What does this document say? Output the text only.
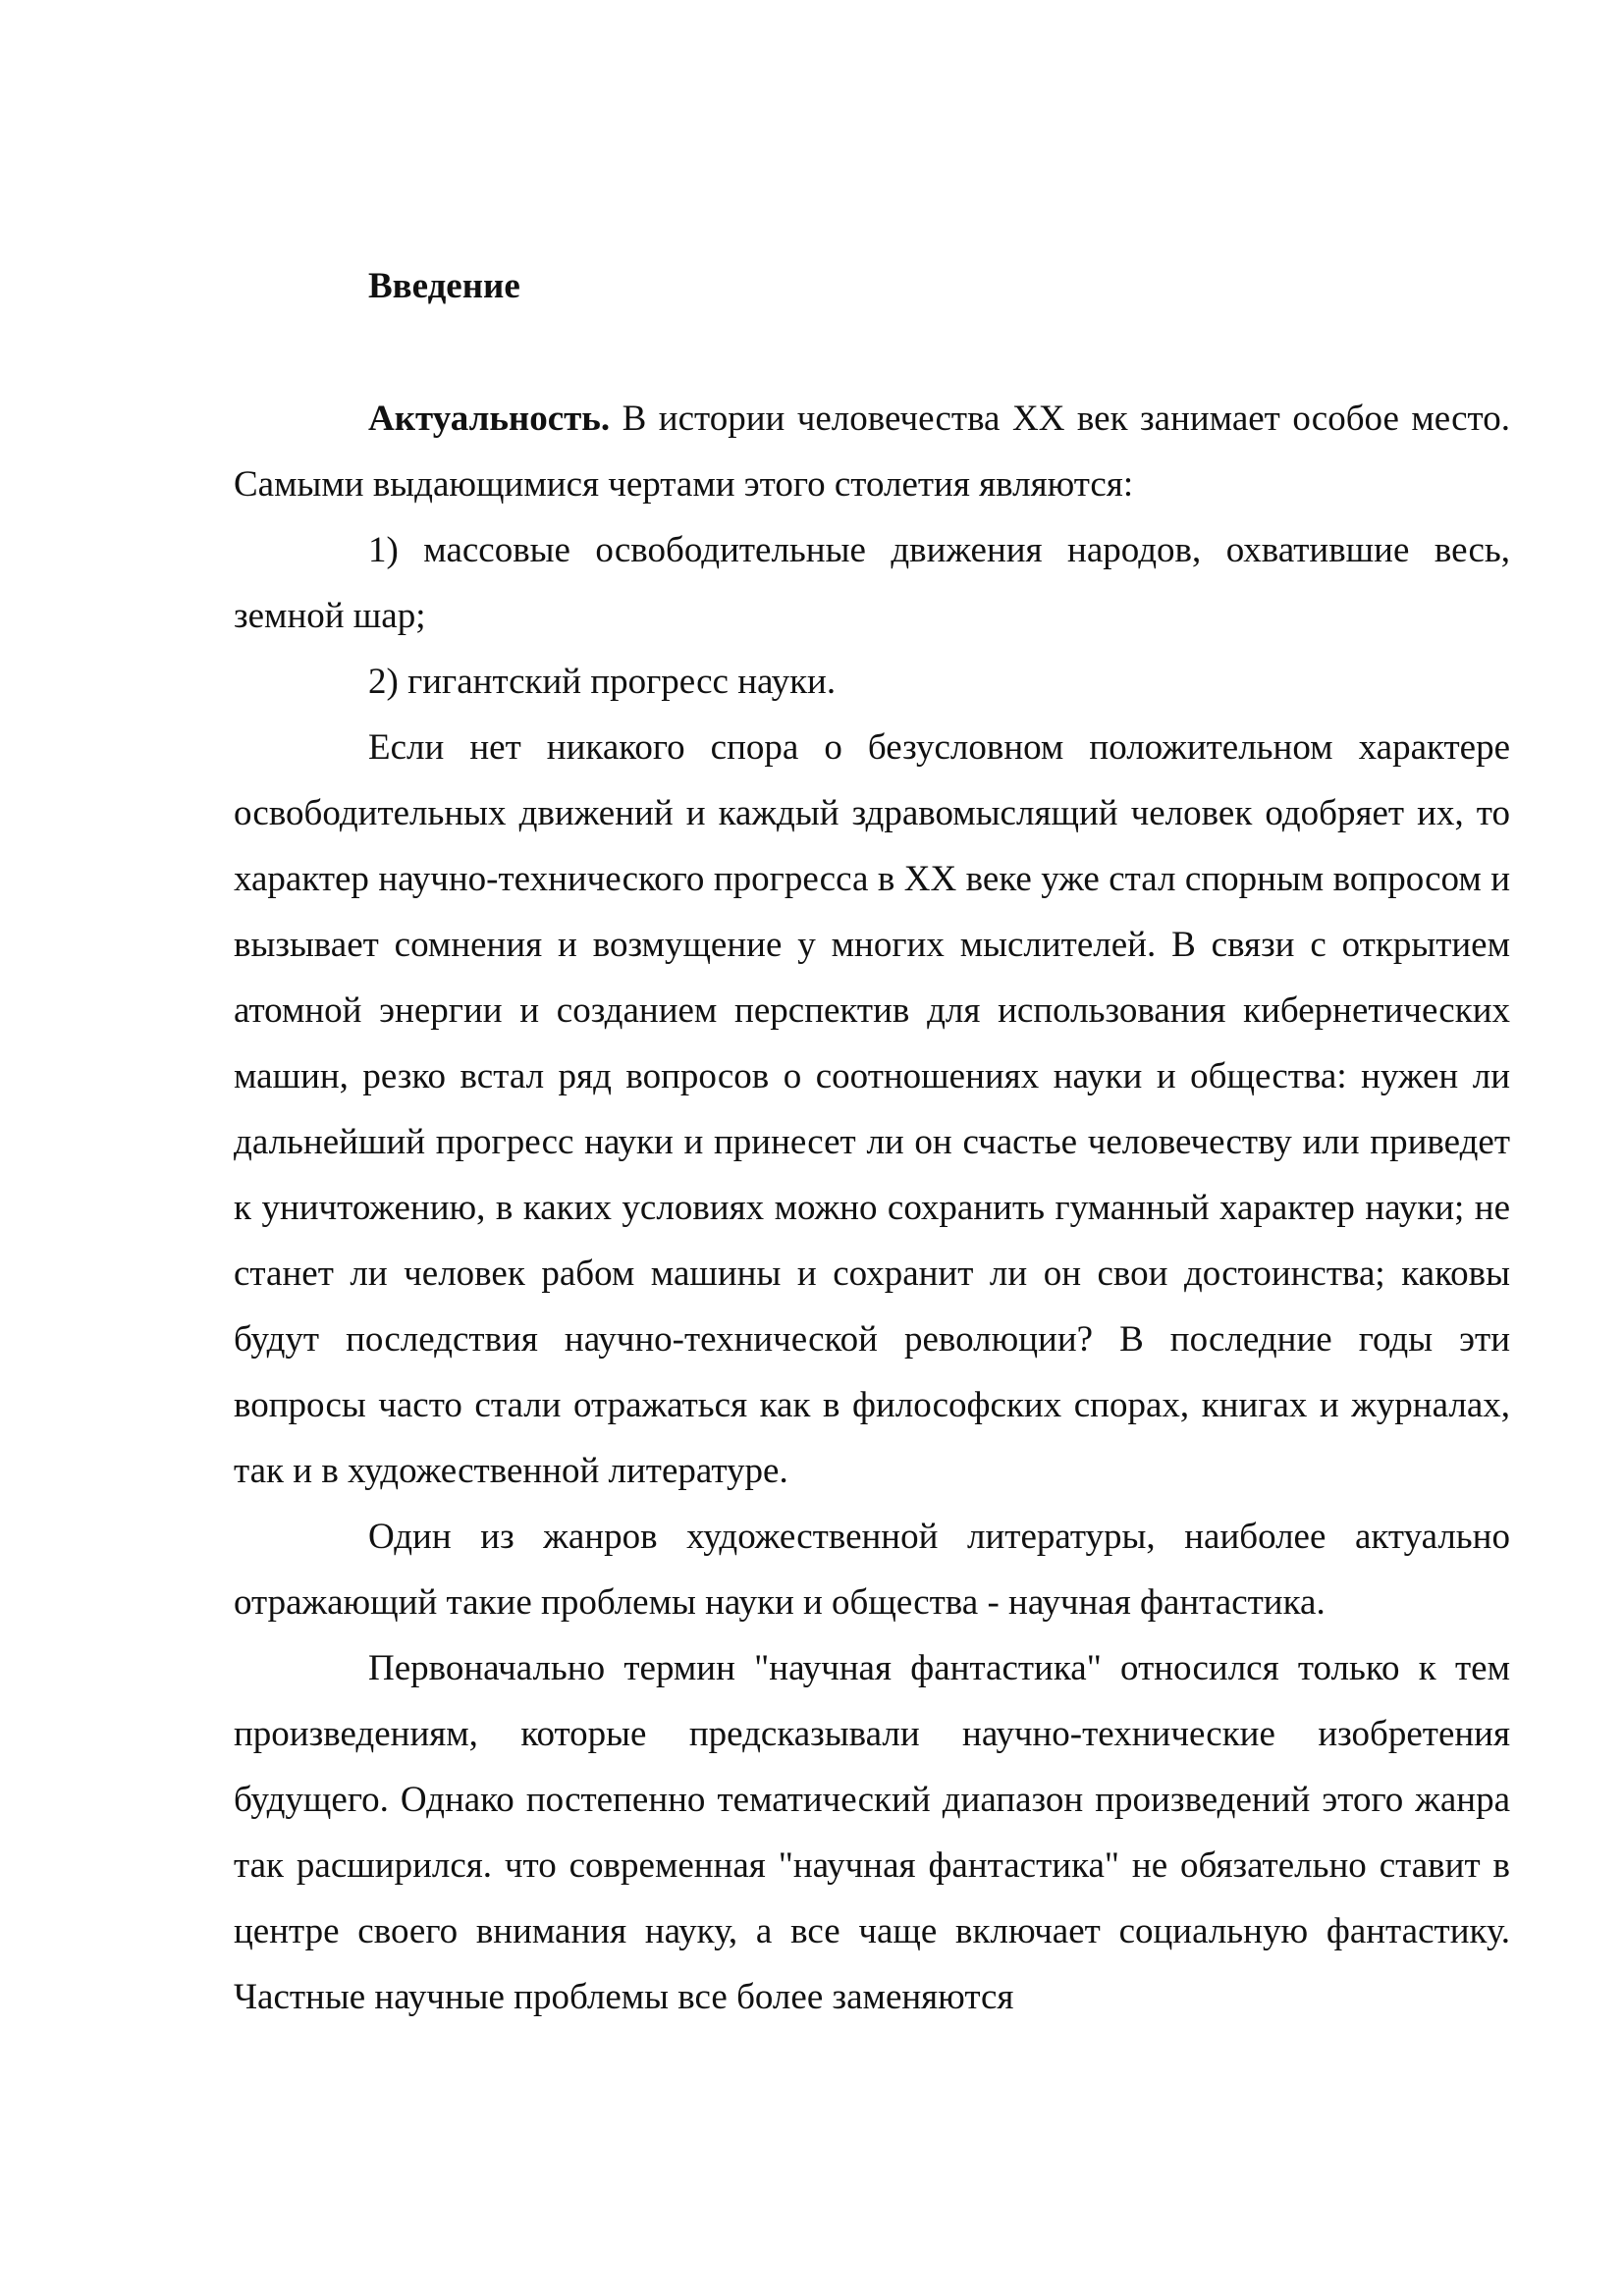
Введение

Актуальность. В истории человечества XX век занимает особое место. Самыми выдающимися чертами этого столетия являются:

1) массовые освободительные движения народов, охватившие весь, земной шар;

2) гигантский прогресс науки.

Если нет никакого спора о безусловном положительном характере освободительных движений и каждый здравомыслящий человек одобряет их, то характер научно-технического прогресса в XX веке уже стал спорным вопросом и вызывает сомнения и возмущение у многих мыслителей. В связи с открытием атомной энергии и созданием перспектив для использования кибернетических машин, резко встал ряд вопросов о соотношениях науки и общества: нужен ли дальнейший прогресс науки и принесет ли он счастье человечеству или приведет к уничтожению, в каких условиях можно сохранить гуманный характер науки; не станет ли человек рабом машины и сохранит ли он свои достоинства; каковы будут последствия научно-технической революции? В последние годы эти вопросы часто стали отражаться как в философских спорах, книгах и журналах, так и в художественной литературе.

Один из жанров художественной литературы, наиболее актуально отражающий такие проблемы науки и общества - научная фантастика.

Первоначально термин "научная фантастика" относился только к тем произведениям, которые предсказывали научно-технические изобретения будущего. Однако постепенно тематический диапазон произведений этого жанра так расширился. что современная "научная фантастика" не обязательно ставит в центре своего внимания науку, а все чаще включает социальную фантастику. Частные научные проблемы все более заменяются
